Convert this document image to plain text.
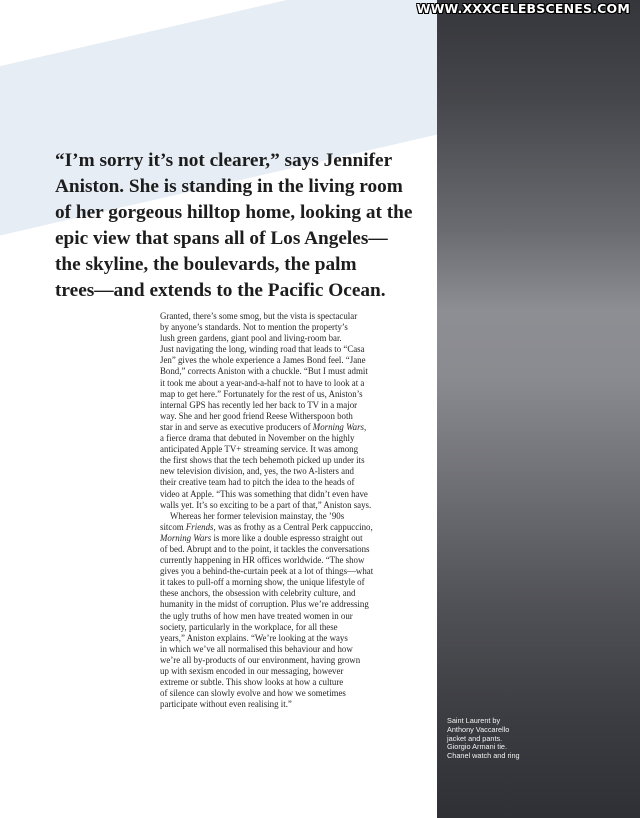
WWW.XXXCELEBSCENES.COM
“I’m sorry it’s not clearer,” says Jennifer
Aniston. She is standing in the living room
of her gorgeous hilltop home, looking at the
epic view that spans all of Los Angeles—
the skyline, the boulevards, the palm
trees—and extends to the Pacific Ocean.

Granted, there’s some smog, but the vista is spectacular
by anyone’s standards. Not to mention the property’s
lush green gardens, giant pool and living-room bar.
Just navigating the long, winding road that leads to “Casa
Jen” gives the whole experience a James Bond feel. “Jane
Bond,” corrects Aniston with a chuckle. “But I must admit
it took me about a year-and-a-half not to have to look at a
map to get here.” Fortunately for the rest of us, Aniston’s
internal GPS has recently led her back to TV in a major
way. She and her good friend Reese Witherspoon both
star in and serve as executive producers of Morning Wars,
a fierce drama that debuted in November on the highly
anticipated Apple TV+ streaming service. It was among
the first shows that the tech behemoth picked up under its
new television division, and, yes, the two A-listers and
their creative team had to pitch the idea to the heads of
video at Apple. “This was something that didn’t even have
walls yet. It’s so exciting to be a part of that,” Aniston says.

Whereas her former television mainstay, the ’90s
sitcom Friends, was as frothy as a Central Perk cappuccino,
Morning Wars is more like a double espresso straight out
of bed. Abrupt and to the point, it tackles the conversations
currently happening in HR offices worldwide. “The show
gives you a behind-the-curtain peek at a lot of things—what
it takes to pull-off a morning show, the unique lifestyle of
these anchors, the obsession with celebrity culture, and
humanity in the midst of corruption. Plus we’re addressing
the ugly truths of how men have treated women in our
society, particularly in the workplace, for all these
years,” Aniston explains. “We’re looking at the ways
in which we’ve all normalised this behaviour and how
we’re all by-products of our environment, having grown
up with sexism encoded in our messaging, however
extreme or subtle. This show looks at how a culture
of silence can slowly evolve and how we sometimes
participate without even realising it.”

Saint Laurent by
Anthony Vaccarello
jacket and pants.
Giorgio Armani tie.
Chanel watch and ring
